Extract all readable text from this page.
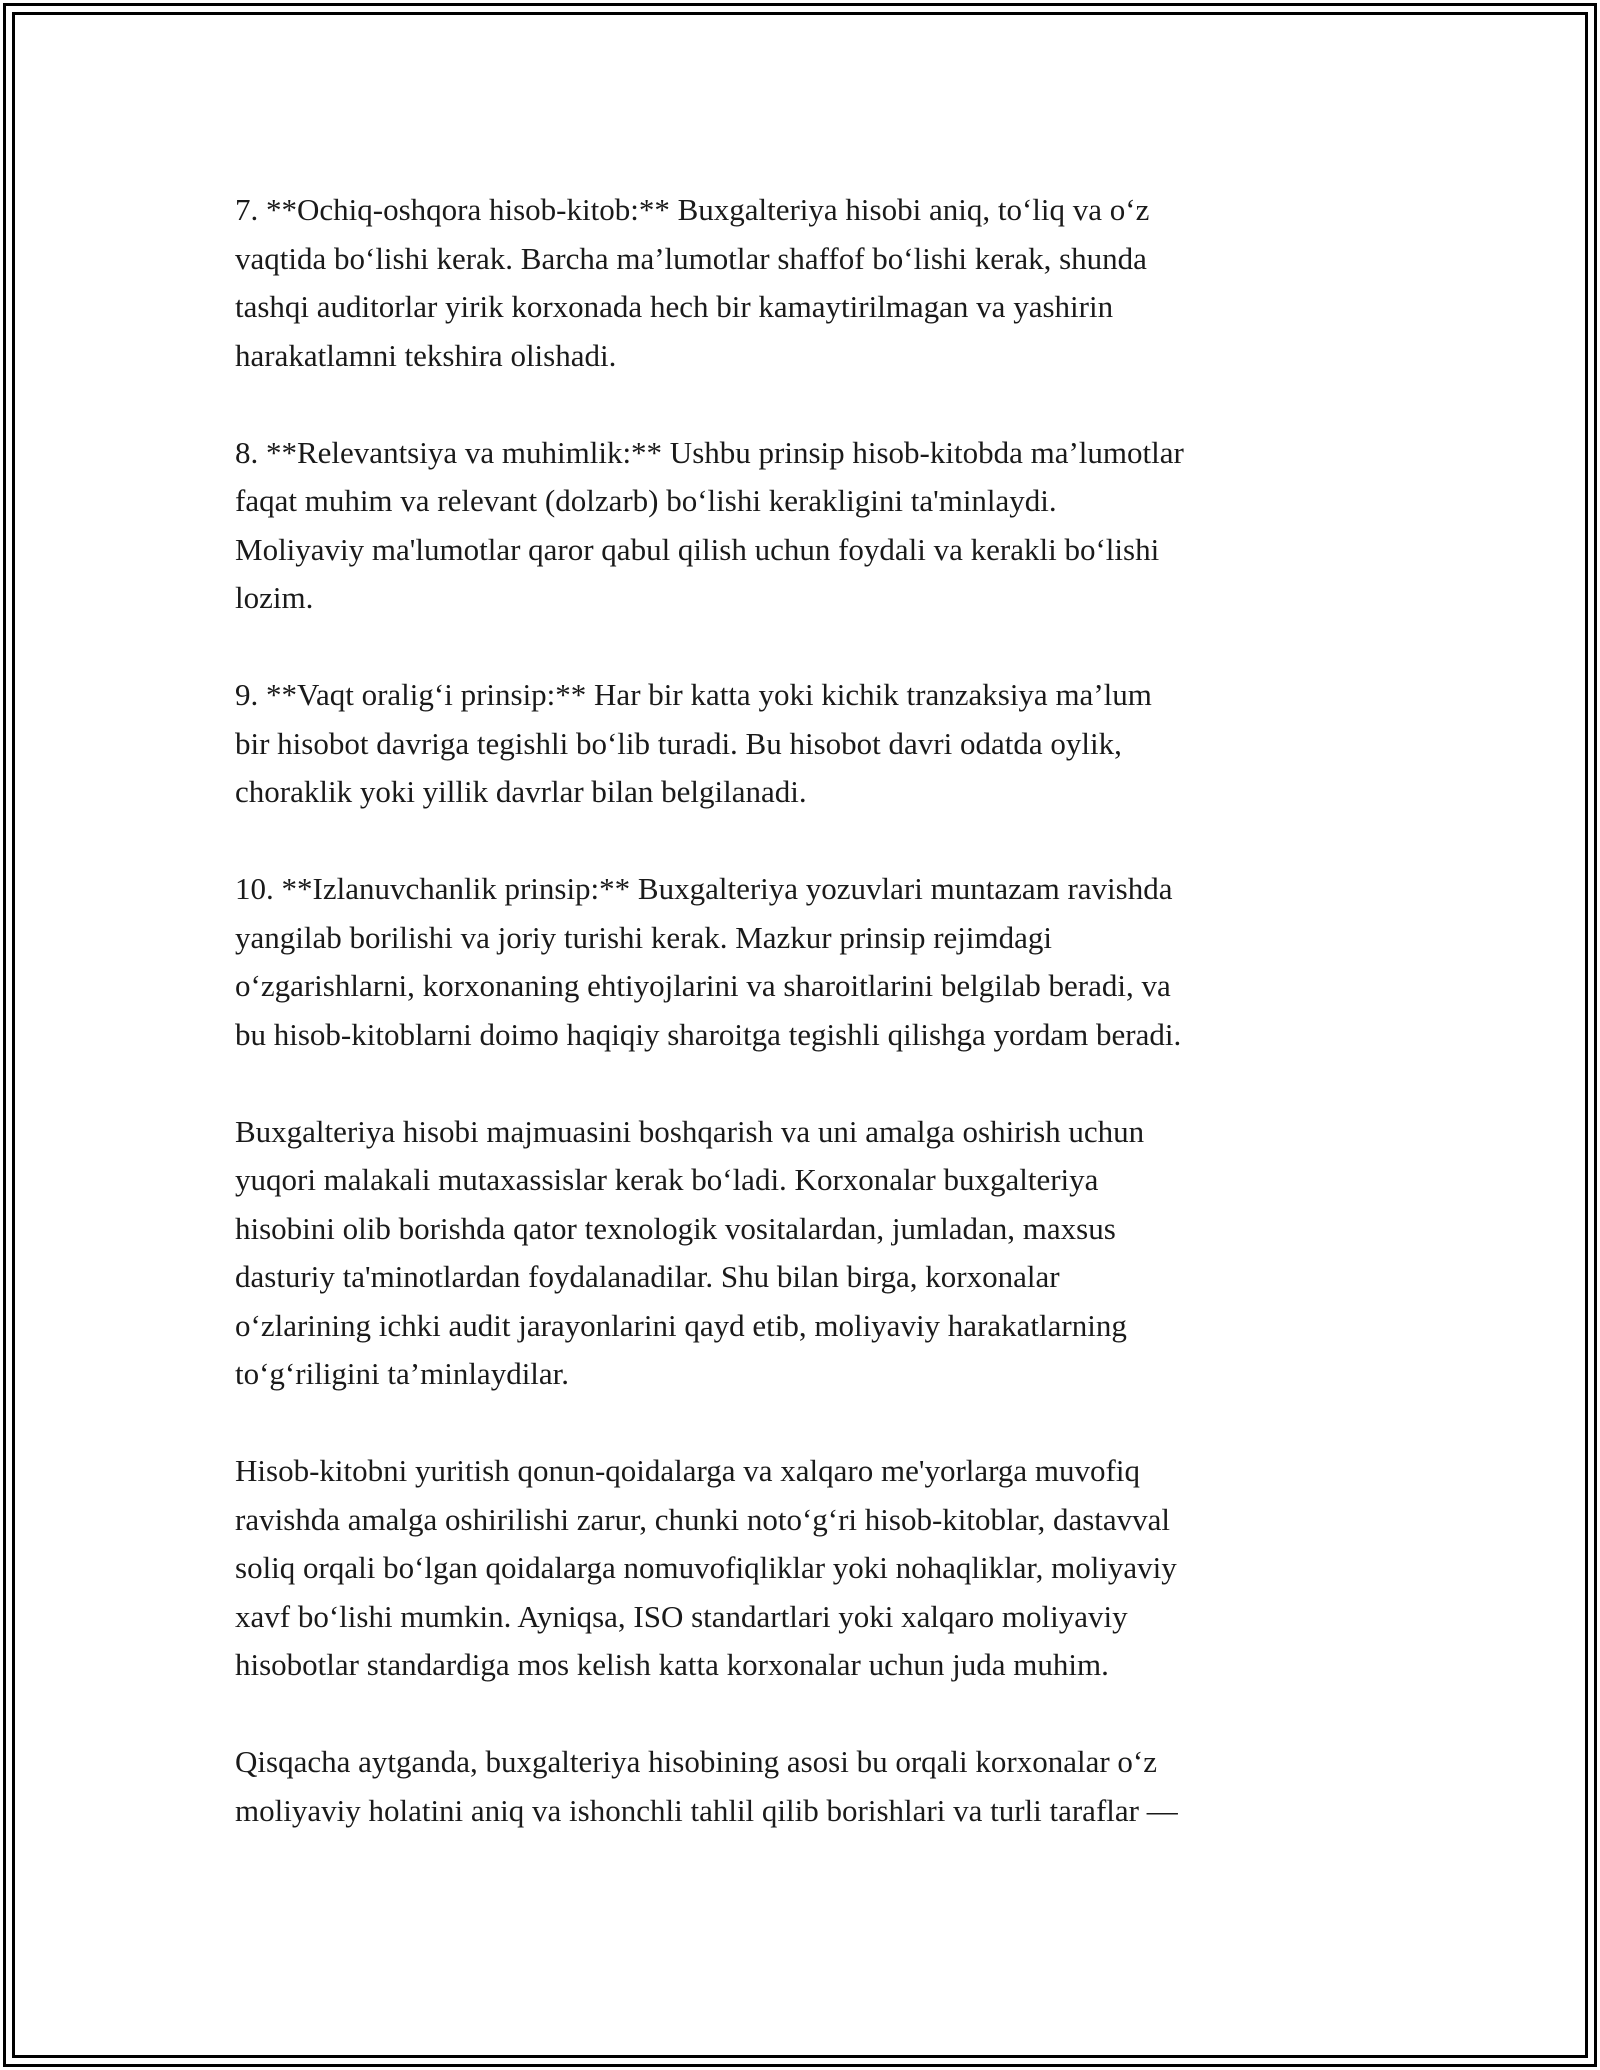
7. **Ochiq-oshqora hisob-kitob:** Buxgalteriya hisobi aniq, to‘liq va o‘z
vaqtida bo‘lishi kerak. Barcha ma’lumotlar shaffof bo‘lishi kerak, shunda
tashqi auditorlar yirik korxonada hech bir kamaytirilmagan va yashirin
harakatlamni tekshira olishadi.

8. **Relevantsiya va muhimlik:** Ushbu prinsip hisob-kitobda ma’lumotlar
faqat muhim va relevant (dolzarb) bo‘lishi kerakligini ta'minlaydi.
Moliyaviy ma'lumotlar qaror qabul qilish uchun foydali va kerakli bo‘lishi
lozim.

9. **Vaqt oralig‘i prinsip:** Har bir katta yoki kichik tranzaksiya ma’lum
bir hisobot davriga tegishli bo‘lib turadi. Bu hisobot davri odatda oylik,
choraklik yoki yillik davrlar bilan belgilanadi.

10. **Izlanuvchanlik prinsip:** Buxgalteriya yozuvlari muntazam ravishda
yangilab borilishi va joriy turishi kerak. Mazkur prinsip rejimdagi
o‘zgarishlarni, korxonaning ehtiyojlarini va sharoitlarini belgilab beradi, va
bu hisob-kitoblarni doimo haqiqiy sharoitga tegishli qilishga yordam beradi.

Buxgalteriya hisobi majmuasini boshqarish va uni amalga oshirish uchun
yuqori malakali mutaxassislar kerak bo‘ladi. Korxonalar buxgalteriya
hisobini olib borishda qator texnologik vositalardan, jumladan, maxsus
dasturiy ta'minotlardan foydalanadilar. Shu bilan birga, korxonalar
o‘zlarining ichki audit jarayonlarini qayd etib, moliyaviy harakatlarning
to‘g‘riligini ta’minlaydilar.

Hisob-kitobni yuritish qonun-qoidalarga va xalqaro me'yorlarga muvofiq
ravishda amalga oshirilishi zarur, chunki noto‘g‘ri hisob-kitoblar, dastavval
soliq orqali bo‘lgan qoidalarga nomuvofiqliklar yoki nohaqliklar, moliyaviy
xavf bo‘lishi mumkin. Ayniqsa, ISO standartlari yoki xalqaro moliyaviy
hisobotlar standardiga mos kelish katta korxonalar uchun juda muhim.

Qisqacha aytganda, buxgalteriya hisobining asosi bu orqali korxonalar o‘z
moliyaviy holatini aniq va ishonchli tahlil qilib borishlari va turli taraflar —
